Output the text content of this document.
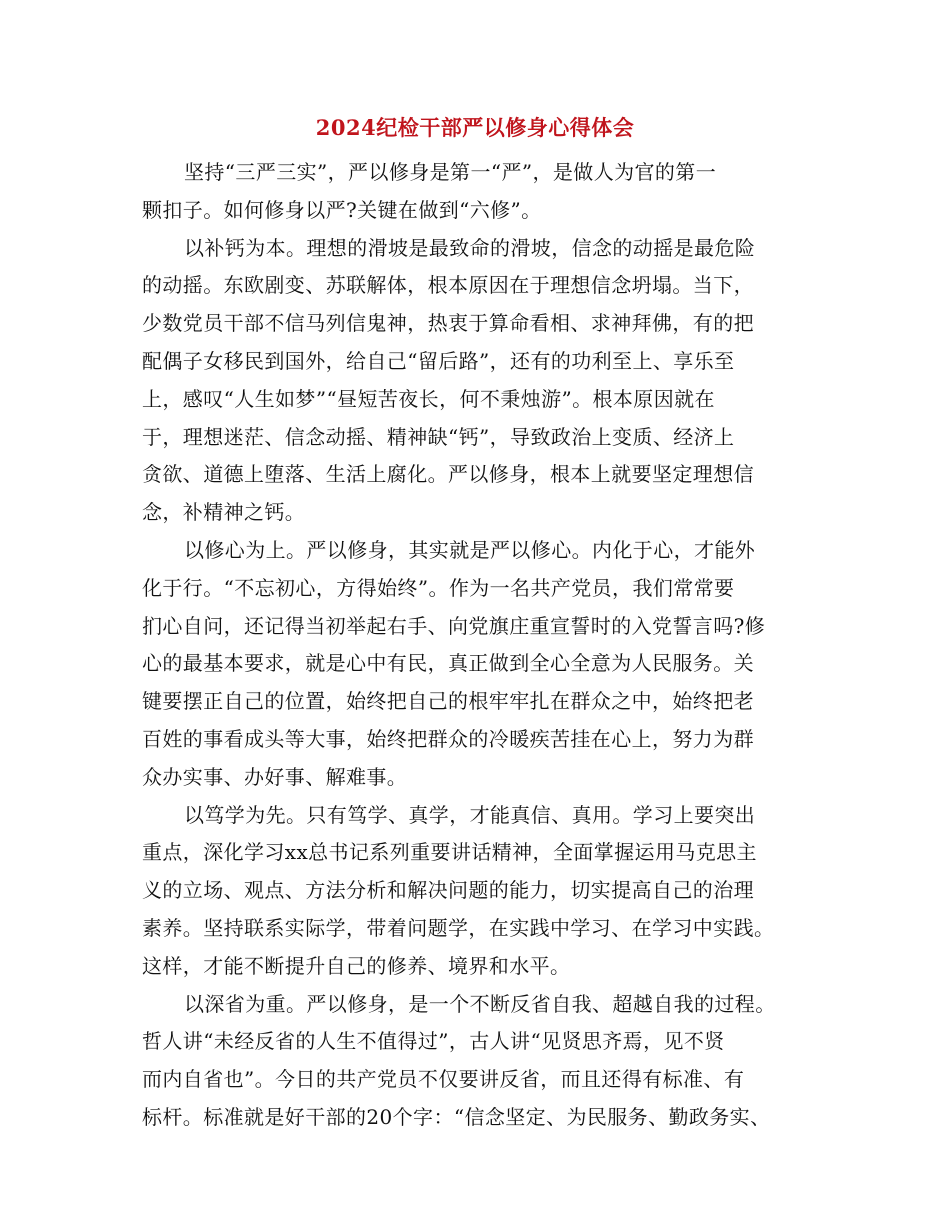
2024纪检干部严以修身心得体会
坚持“三严三实”，严以修身是第一“严”，是做人为官的第一
颗扣子。如何修身以严?关键在做到“六修”。
以补钙为本。理想的滑坡是最致命的滑坡，信念的动摇是最危险
的动摇。东欧剧变、苏联解体，根本原因在于理想信念坍塌。当下，
少数党员干部不信马列信鬼神，热衷于算命看相、求神拜佛，有的把
配偶子女移民到国外，给自己“留后路”，还有的功利至上、享乐至
上，感叹“人生如梦”“昼短苦夜长，何不秉烛游”。根本原因就在
于，理想迷茫、信念动摇、精神缺“钙”，导致政治上变质、经济上
贪欲、道德上堕落、生活上腐化。严以修身，根本上就要坚定理想信
念，补精神之钙。
以修心为上。严以修身，其实就是严以修心。内化于心，才能外
化于行。“不忘初心，方得始终”。作为一名共产党员，我们常常要
扪心自问，还记得当初举起右手、向党旗庄重宣誓时的入党誓言吗?修
心的最基本要求，就是心中有民，真正做到全心全意为人民服务。关
键要摆正自己的位置，始终把自己的根牢牢扎在群众之中，始终把老
百姓的事看成头等大事，始终把群众的冷暖疾苦挂在心上，努力为群
众办实事、办好事、解难事。
以笃学为先。只有笃学、真学，才能真信、真用。学习上要突出
重点，深化学习xx总书记系列重要讲话精神，全面掌握运用马克思主
义的立场、观点、方法分析和解决问题的能力，切实提高自己的治理
素养。坚持联系实际学，带着问题学，在实践中学习、在学习中实践。
这样，才能不断提升自己的修养、境界和水平。
以深省为重。严以修身，是一个不断反省自我、超越自我的过程。
哲人讲“未经反省的人生不值得过”，古人讲“见贤思齐焉，见不贤
而内自省也”。今日的共产党员不仅要讲反省，而且还得有标准、有
标杆。标准就是好干部的20个字：“信念坚定、为民服务、勤政务实、
